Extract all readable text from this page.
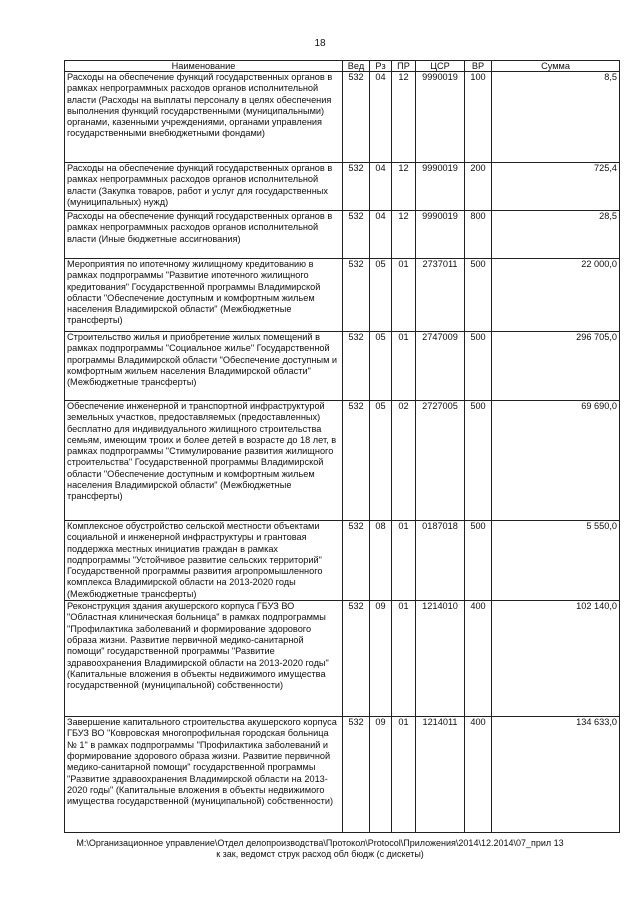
18
Наименование	Вед	Рз	ПР	ЦСР	ВР	Сумма
Расходы на обеспечение функций государственных органов в рамках непрограммных расходов органов исполнительной власти (Расходы на выплаты персоналу в целях обеспечения выполнения функций государственными (муниципальными) органами, казенными учреждениями, органами управления государственными внебюджетными фондами)	532	04	12	9990019	100	8,5
Расходы на обеспечение функций государственных органов в рамках непрограммных расходов органов исполнительной власти (Закупка товаров, работ и услуг для государственных (муниципальных) нужд)	532	04	12	9990019	200	725,4
Расходы на обеспечение функций государственных органов в рамках непрограммных расходов органов исполнительной власти (Иные бюджетные ассигнования)	532	04	12	9990019	800	28,5
Мероприятия по ипотечному жилищному кредитованию в рамках подпрограммы "Развитие ипотечного жилищного кредитования" Государственной программы Владимирской области "Обеспечение доступным и комфортным жильем населения Владимирской области" (Межбюджетные трансферты)	532	05	01	2737011	500	22 000,0
Строительство жилья и приобретение жилых помещений в рамках подпрограммы "Социальное жилье" Государственной программы Владимирской области "Обеспечение доступным и комфортным жильем населения Владимирской области" (Межбюджетные трансферты)	532	05	01	2747009	500	296 705,0
Обеспечение инженерной и транспортной инфраструктурой земельных участков, предоставляемых (предоставленных) бесплатно для индивидуального жилищного строительства семьям, имеющим троих и более детей в возрасте до 18 лет, в рамках подпрограммы "Стимулирование развития жилищного строительства" Государственной программы Владимирской области "Обеспечение доступным и комфортным жильем населения Владимирской области" (Межбюджетные трансферты)	532	05	02	2727005	500	69 690,0
Комплексное обустройство сельской местности объектами социальной и инженерной инфраструктуры и грантовая поддержка местных инициатив граждан в рамках подпрограммы "Устойчивое развитие сельских территорий" Государственной программы развития агропромышленного комплекса Владимирской области на 2013-2020 годы (Межбюджетные трансферты)	532	08	01	0187018	500	5 550,0
Реконструкция здания акушерского корпуса ГБУЗ ВО "Областная клиническая больница" в рамках подпрограммы "Профилактика заболеваний и формирование здорового образа жизни. Развитие первичной медико-санитарной помощи" государственной программы "Развитие здравоохранения Владимирской области на 2013-2020 годы" (Капитальные вложения в объекты недвижимого имущества государственной (муниципальной) собственности)	532	09	01	1214010	400	102 140,0
Завершение капитального строительства акушерского корпуса ГБУЗ ВО "Ковровская многопрофильная городская больница № 1" в рамках подпрограммы "Профилактика заболеваний и формирование здорового образа жизни. Развитие первичной медико-санитарной помощи" государственной программы "Развитие здравоохранения Владимирской области на 2013-2020 годы" (Капитальные вложения в объекты недвижимого имущества государственной (муниципальной) собственности)	532	09	01	1214011	400	134 633,0
M:\Организационное управление\Отдел делопроизводства\Протокол\Protocol\Приложения\2014\12.2014\07_прил 13
к зак, ведомст струк расход обл бюдж (с дискеты)
